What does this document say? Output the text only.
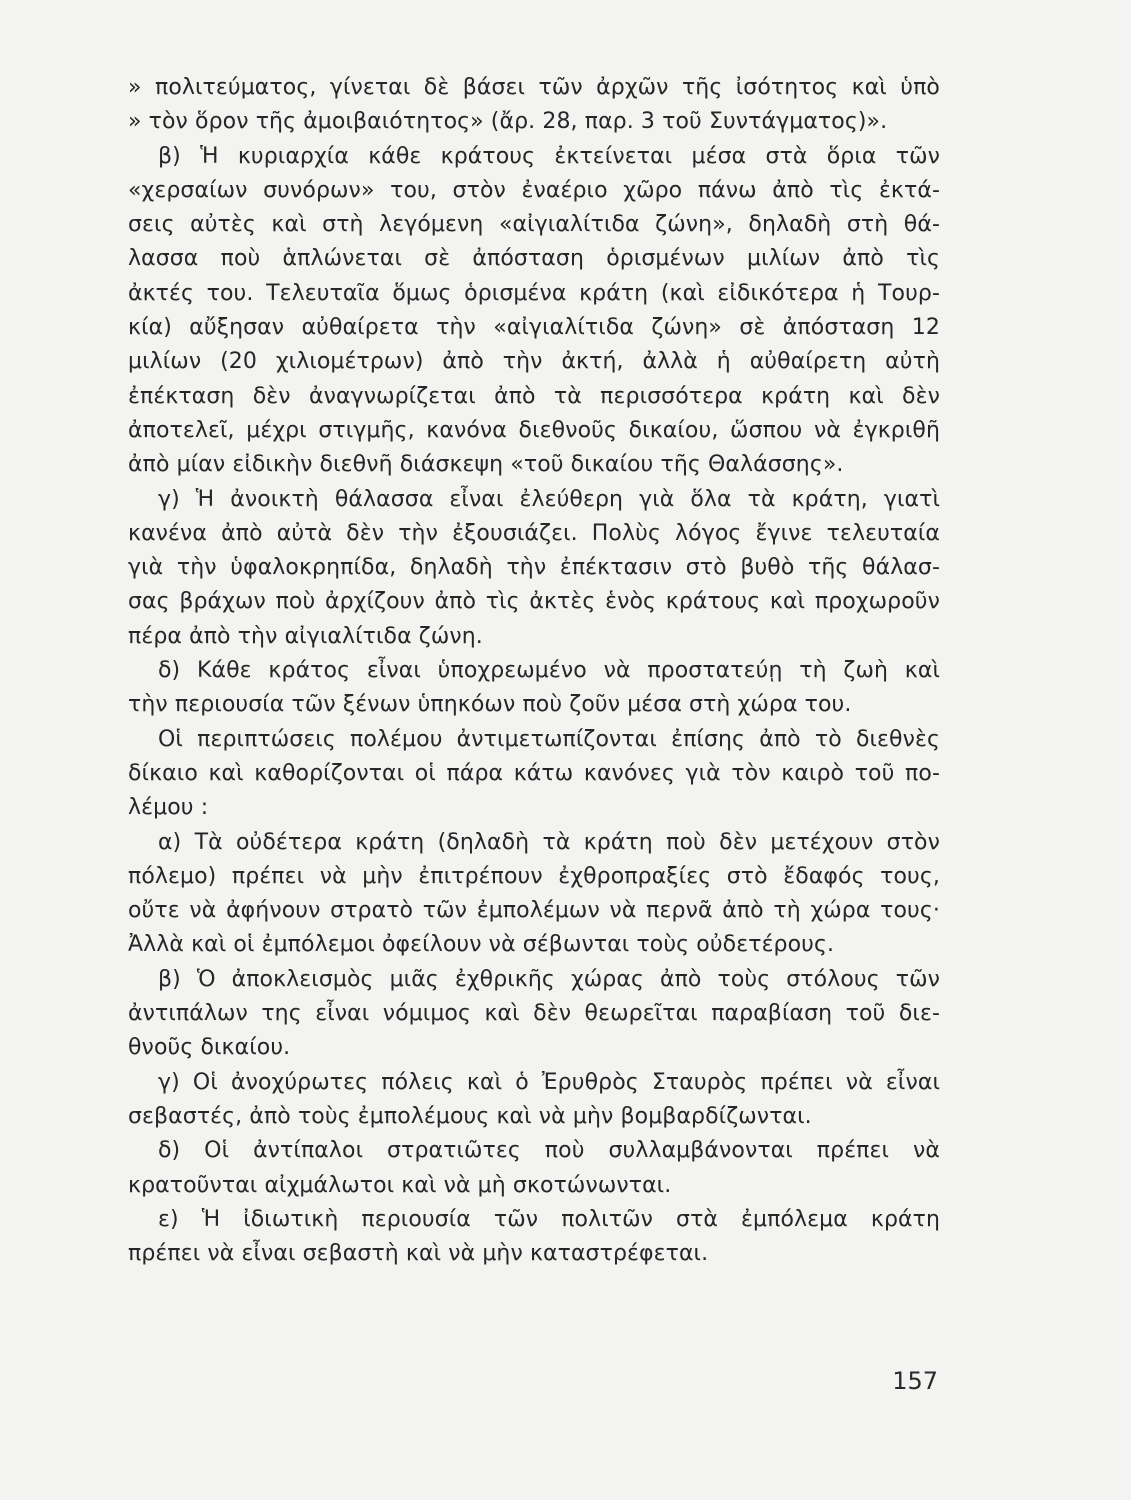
» πολιτεύματος, γίνεται δὲ βάσει τῶν ἀρχῶν τῆς ἰσότητος καὶ ὑπὸ
» τὸν ὅρον τῆς ἀμοιβαιότητος» (ἄρ. 28, παρ. 3 τοῦ Συντάγματος)».
β) Ἡ κυριαρχία κάθε κράτους ἐκτείνεται μέσα στὰ ὅρια τῶν
«χερσαίων συνόρων» του, στὸν ἐναέριο χῶρο πάνω ἀπὸ τὶς ἐκτά-
σεις αὐτὲς καὶ στὴ λεγόμενη «αἰγιαλίτιδα ζώνη», δηλαδὴ στὴ θά-
λασσα ποὺ ἁπλώνεται σὲ ἀπόσταση ὁρισμένων μιλίων ἀπὸ τὶς
ἀκτές του. Τελευταῖα ὅμως ὁρισμένα κράτη (καὶ εἰδικότερα ἡ Τουρ-
κία) αὔξησαν αὐθαίρετα τὴν «αἰγιαλίτιδα ζώνη» σὲ ἀπόσταση 12
μιλίων (20 χιλιομέτρων) ἀπὸ τὴν ἀκτή, ἀλλὰ ἡ αὐθαίρετη αὐτὴ
ἐπέκταση δὲν ἀναγνωρίζεται ἀπὸ τὰ περισσότερα κράτη καὶ δὲν
ἀποτελεῖ, μέχρι στιγμῆς, κανόνα διεθνοῦς δικαίου, ὥσπου νὰ ἐγκριθῆ
ἀπὸ μίαν εἰδικὴν διεθνῆ διάσκεψη «τοῦ δικαίου τῆς Θαλάσσης».
γ) Ἡ ἀνοικτὴ θάλασσα εἶναι ἐλεύθερη γιὰ ὅλα τὰ κράτη, γιατὶ
κανένα ἀπὸ αὐτὰ δὲν τὴν ἐξουσιάζει. Πολὺς λόγος ἔγινε τελευταία
γιὰ τὴν ὑφαλοκρηπίδα, δηλαδὴ τὴν ἐπέκτασιν στὸ βυθὸ τῆς θάλασ-
σας βράχων ποὺ ἀρχίζουν ἀπὸ τὶς ἀκτὲς ἑνὸς κράτους καὶ προχωροῦν
πέρα ἀπὸ τὴν αἰγιαλίτιδα ζώνη.
δ) Κάθε κράτος εἶναι ὑποχρεωμένο νὰ προστατεύῃ τὴ ζωὴ καὶ
τὴν περιουσία τῶν ξένων ὑπηκόων ποὺ ζοῦν μέσα στὴ χώρα του.
Οἱ περιπτώσεις πολέμου ἀντιμετωπίζονται ἐπίσης ἀπὸ τὸ διεθνὲς
δίκαιο καὶ καθορίζονται οἱ πάρα κάτω κανόνες γιὰ τὸν καιρὸ τοῦ πο-
λέμου :
α) Τὰ οὐδέτερα κράτη (δηλαδὴ τὰ κράτη ποὺ δὲν μετέχουν στὸν
πόλεμο) πρέπει νὰ μὴν ἐπιτρέπουν ἐχθροπραξίες στὸ ἔδαφός τους,
οὔτε νὰ ἀφήνουν στρατὸ τῶν ἐμπολέμων νὰ περνᾶ ἀπὸ τὴ χώρα τους·
Ἀλλὰ καὶ οἱ ἐμπόλεμοι ὀφείλουν νὰ σέβωνται τοὺς οὐδετέρους.
β) Ὁ ἀποκλεισμὸς μιᾶς ἐχθρικῆς χώρας ἀπὸ τοὺς στόλους τῶν
ἀντιπάλων της εἶναι νόμιμος καὶ δὲν θεωρεῖται παραβίαση τοῦ διε-
θνοῦς δικαίου.
γ) Οἱ ἀνοχύρωτες πόλεις καὶ ὁ Ἐρυθρὸς Σταυρὸς πρέπει νὰ εἶναι
σεβαστές, ἀπὸ τοὺς ἐμπολέμους καὶ νὰ μὴν βομβαρδίζωνται.
δ) Οἱ ἀντίπαλοι στρατιῶτες ποὺ συλλαμβάνονται πρέπει νὰ
κρατοῦνται αἰχμάλωτοι καὶ νὰ μὴ σκοτώνωνται.
ε) Ἡ ἰδιωτικὴ περιουσία τῶν πολιτῶν στὰ ἐμπόλεμα κράτη
πρέπει νὰ εἶναι σεβαστὴ καὶ νὰ μὴν καταστρέφεται.
157
